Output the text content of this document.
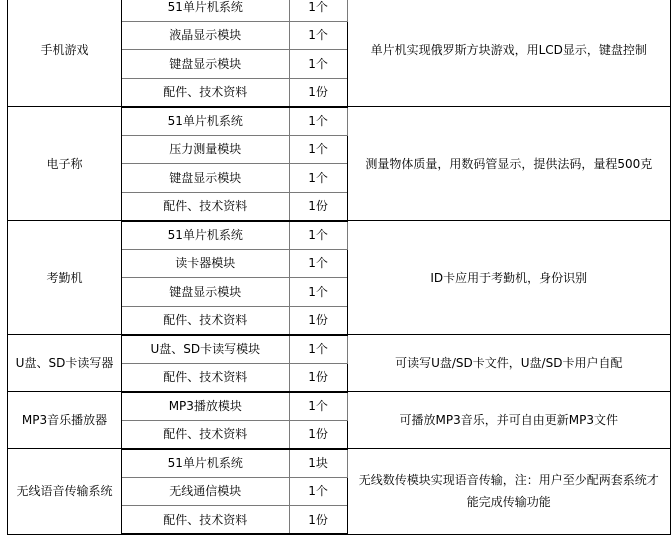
手机游戏	51单片机系统	1个	单片机实现俄罗斯方块游戏，用LCD显示，键盘控制
	液晶显示模块	1个	
	键盘显示模块	1个	
	配件、技术资料	1份	
电子称	51单片机系统	1个	测量物体质量，用数码管显示，提供法码，量程500克
	压力测量模块	1个	
	键盘显示模块	1个	
	配件、技术资料	1份	
考勤机	51单片机系统	1个	ID卡应用于考勤机，身份识别
	读卡器模块	1个	
	键盘显示模块	1个	
	配件、技术资料	1份	
U盘、SD卡读写器	U盘、SD卡读写模块	1个	可读写U盘/SD卡文件，U盘/SD卡用户自配
	配件、技术资料	1份	
MP3音乐播放器	MP3播放模块	1个	可播放MP3音乐，并可自由更新MP3文件
	配件、技术资料	1份	
无线语音传输系统	51单片机系统	1块	无线数传模块实现语音传输，注：用户至少配两套系统才能完成传输功能
	无线通信模块	1个	
	配件、技术资料	1份	
